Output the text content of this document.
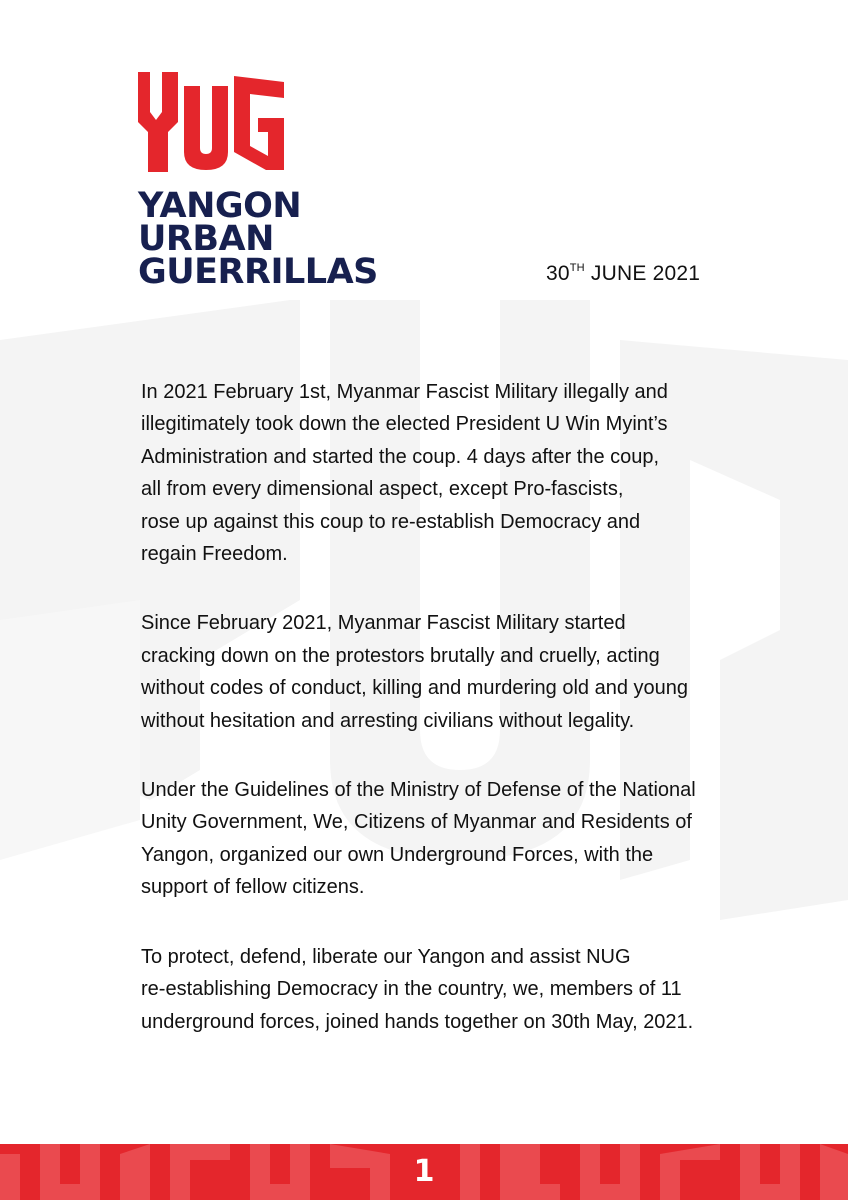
YANGON
URBAN
GUERRILLAS	30TH JUNE 2021

In 2021 February 1st, Myanmar Fascist Military illegally and
illegitimately took down the elected President U Win Myint’s
Administration and started the coup. 4 days after the coup,
all from every dimensional aspect, except Pro-fascists,
rose up against this coup to re-establish Democracy and
regain Freedom.

Since February 2021, Myanmar Fascist Military started
cracking down on the protestors brutally and cruelly, acting
without codes of conduct, killing and murdering old and young
without hesitation and arresting civilians without legality.

Under the Guidelines of the Ministry of Defense of the National
Unity Government, We, Citizens of Myanmar and Residents of
Yangon, organized our own Underground Forces, with the
support of fellow citizens.

To protect, defend, liberate our Yangon and assist NUG
re-establishing Democracy in the country, we, members of 11
underground forces, joined hands together on 30th May, 2021.

1
